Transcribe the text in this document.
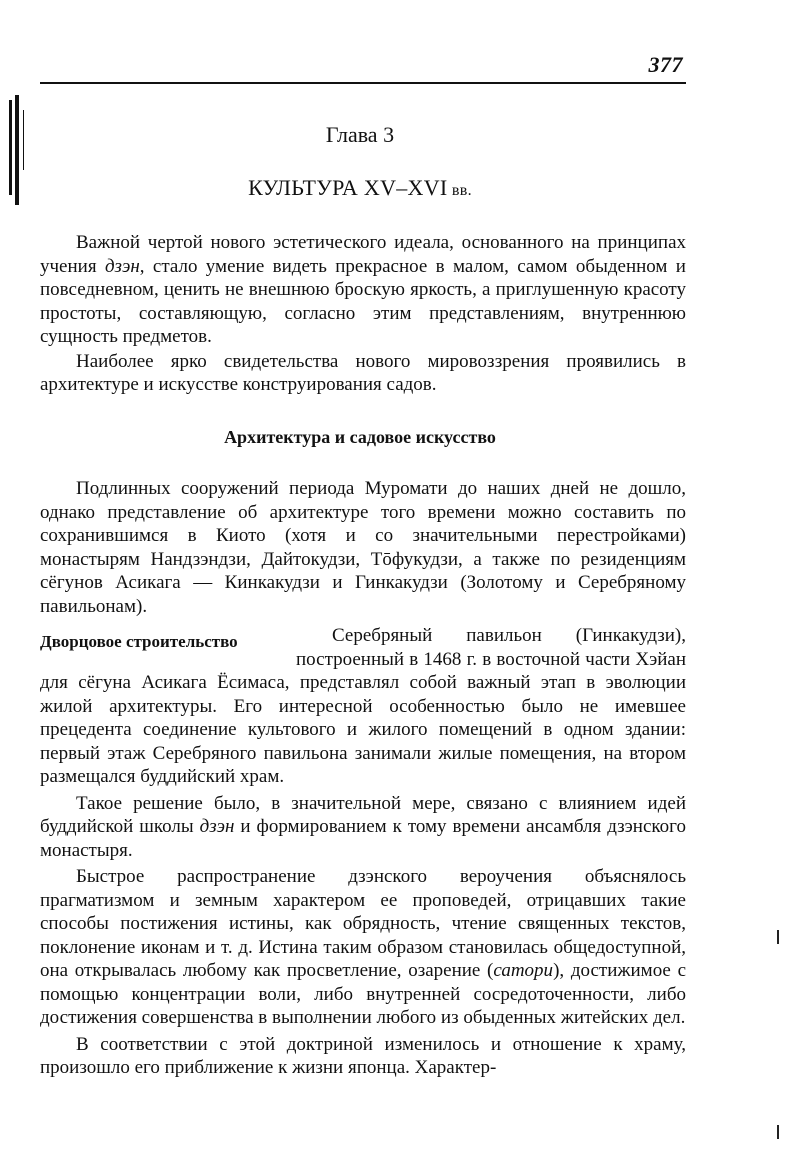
377
Глава 3
КУЛЬТУРА XV–XVI вв.

Важной чертой нового эстетического идеала, основанного на принципах учения дзэн, стало умение видеть прекрасное в малом, самом обыденном и повседневном, ценить не внешнюю броскую яркость, а приглушенную красоту простоты, составляющую, согласно этим представлениям, внутреннюю сущность предметов.

Наиболее ярко свидетельства нового мировоззрения проявились в архитектуре и искусстве конструирования садов.

Архитектура и садовое искусство

Подлинных сооружений периода Муромати до наших дней не дошло, однако представление об архитектуре того времени можно составить по сохранившимся в Киото (хотя и со значительными перестройками) монастырям Нандзэндзи, Дайтокудзи, Тōфукудзи, а также по резиденциям сёгунов Асикага — Кинкакудзи и Гинкакудзи (Золотому и Серебряному павильонам).

Дворцовое строительство	Серебряный павильон (Гинкакудзи), построенный в 1468 г. в восточной части Хэйан для сёгуна Асикага Ёсимаса, представлял собой важный этап в эволюции жилой архитектуры. Его интересной особенностью было не имевшее прецедента соединение культового и жилого помещений в одном здании: первый этаж Серебряного павильона занимали жилые помещения, на втором размещался буддийский храм.

Такое решение было, в значительной мере, связано с влиянием идей буддийской школы дзэн и формированием к тому времени ансамбля дзэнского монастыря.

Быстрое распространение дзэнского вероучения объяснялось прагматизмом и земным характером ее проповедей, отрицавших такие способы постижения истины, как обрядность, чтение священных текстов, поклонение иконам и т. д. Истина таким образом становилась общедоступной, она открывалась любому как просветление, озарение (сатори), достижимое с помощью концентрации воли, либо внутренней сосредоточенности, либо достижения совершенства в выполнении любого из обыденных житейских дел.

В соответствии с этой доктриной изменилось и отношение к храму, произошло его приближение к жизни японца. Характер-
